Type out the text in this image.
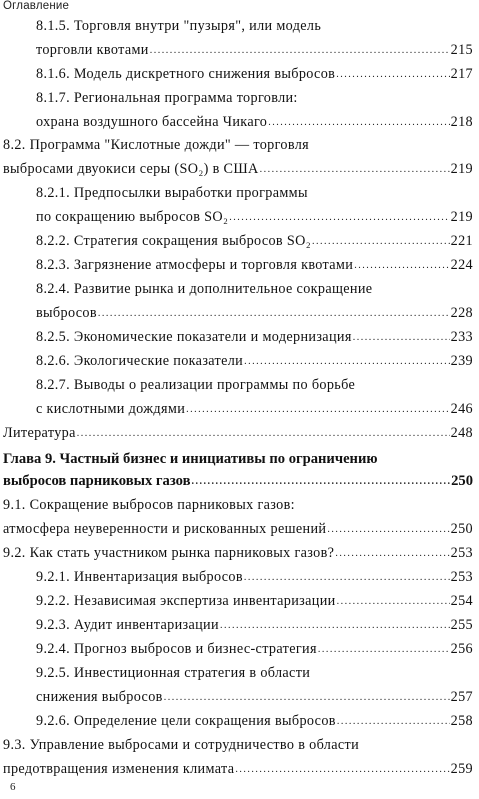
Оглавление
8.1.5. Торговля внутри "пузыря", или модель
торговли квотами .....	215
8.1.6. Модель дискретного снижения выбросов .....	217
8.1.7. Региональная программа торговли:
охрана воздушного бассейна Чикаго .....	218
8.2. Программа "Кислотные дожди" — торговля
выбросами двуокиси серы (SO₂) в США .....	219
8.2.1. Предпосылки выработки программы
по сокращению выбросов SO₂ .....	219
8.2.2. Стратегия сокращения выбросов SO₂ .....	221
8.2.3. Загрязнение атмосферы и торговля квотами .....	224
8.2.4. Развитие рынка и дополнительное сокращение
выбросов .....	228
8.2.5. Экономические показатели и модернизация .....	233
8.2.6. Экологические показатели .....	239
8.2.7. Выводы о реализации программы по борьбе
с кислотными дождями .....	246
Литература .....	248
Глава 9. Частный бизнес и инициативы по ограничению
выбросов парниковых газов .....	250
9.1. Сокращение выбросов парниковых газов:
атмосфера неуверенности и рискованных решений .....	250
9.2. Как стать участником рынка парниковых газов? .....	253
9.2.1. Инвентаризация выбросов .....	253
9.2.2. Независимая экспертиза инвентаризации .....	254
9.2.3. Аудит инвентаризации .....	255
9.2.4. Прогноз выбросов и бизнес-стратегия .....	256
9.2.5. Инвестиционная стратегия в области
снижения выбросов .....	257
9.2.6. Определение цели сокращения выбросов .....	258
9.3. Управление выбросами и сотрудничество в области
предотвращения изменения климата .....	259
6
